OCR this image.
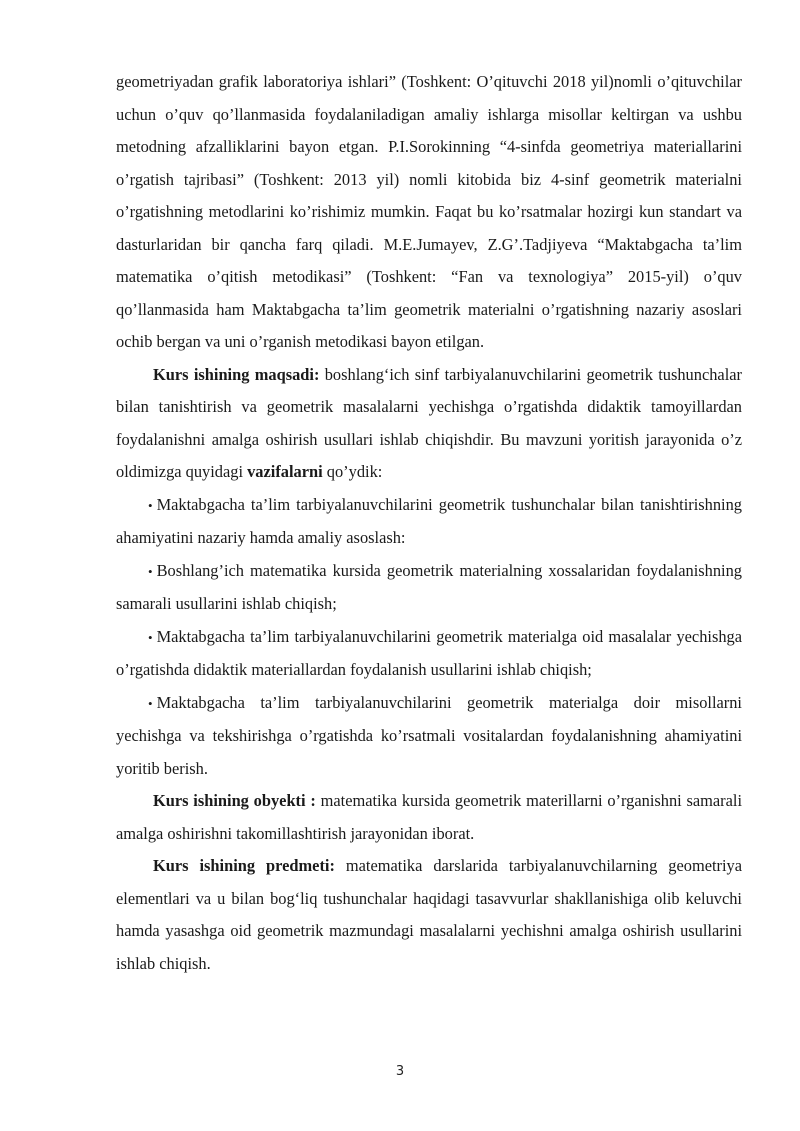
geometriyadan grafik laboratoriya ishlari” (Toshkent: O’qituvchi 2018 yil)nomli o’qituvchilar uchun o’quv qo’llanmasida foydalaniladigan amaliy ishlarga misollar keltirgan va ushbu metodning afzalliklarini bayon etgan. P.I.Sorokinning “4-sinfda geometriya materiallarini o’rgatish tajribasi” (Toshkent: 2013 yil) nomli kitobida biz 4-sinf geometrik materialni o’rgatishning metodlarini ko’rishimiz mumkin. Faqat bu ko’rsatmalar hozirgi kun standart va dasturlaridan bir qancha farq qiladi. M.E.Jumayev, Z.G’.Tadjiyeva “Maktabgacha ta’lim matematika o’qitish metodikasi” (Toshkent: “Fan va texnologiya” 2015-yil) o’quv qo’llanmasida ham Maktabgacha ta’lim geometrik materialni o’rgatishning nazariy asoslari ochib bergan va uni o’rganish metodikasi bayon etilgan.

Kurs ishining maqsadi: boshlang‘ich sinf tarbiyalanuvchilarini geometrik tushunchalar bilan tanishtirish va geometrik masalalarni yechishga o’rgatishda didaktik tamoyillardan foydalanishni amalga oshirish usullari ishlab chiqishdir. Bu mavzuni yoritish jarayonida o’z oldimizga quyidagi vazifalarni qo’ydik:

• Maktabgacha ta’lim tarbiyalanuvchilarini geometrik tushunchalar bilan tanishtirishning ahamiyatini nazariy hamda amaliy asoslash:

• Boshlang’ich matematika kursida geometrik materialning xossalaridan foydalanishning samarali usullarini ishlab chiqish;

• Maktabgacha ta’lim tarbiyalanuvchilarini geometrik materialga oid masalalar yechishga o’rgatishda didaktik materiallardan foydalanish usullarini ishlab chiqish;

• Maktabgacha ta’lim tarbiyalanuvchilarini geometrik materialga doir misollarni yechishga va tekshirishga o’rgatishda ko’rsatmali vositalardan foydalanishning ahamiyatini yoritib berish.

Kurs ishining obyekti : matematika kursida geometrik materillarni o’rganishni samarali amalga oshirishni takomillashtirish jarayonidan iborat.

Kurs ishining predmeti: matematika darslarida tarbiyalanuvchilarning geometriya elementlari va u bilan bog‘liq tushunchalar haqidagi tasavvurlar shakllanishiga olib keluvchi hamda yasashga oid geometrik mazmundagi masalalarni yechishni amalga oshirish usullarini ishlab chiqish.

3
